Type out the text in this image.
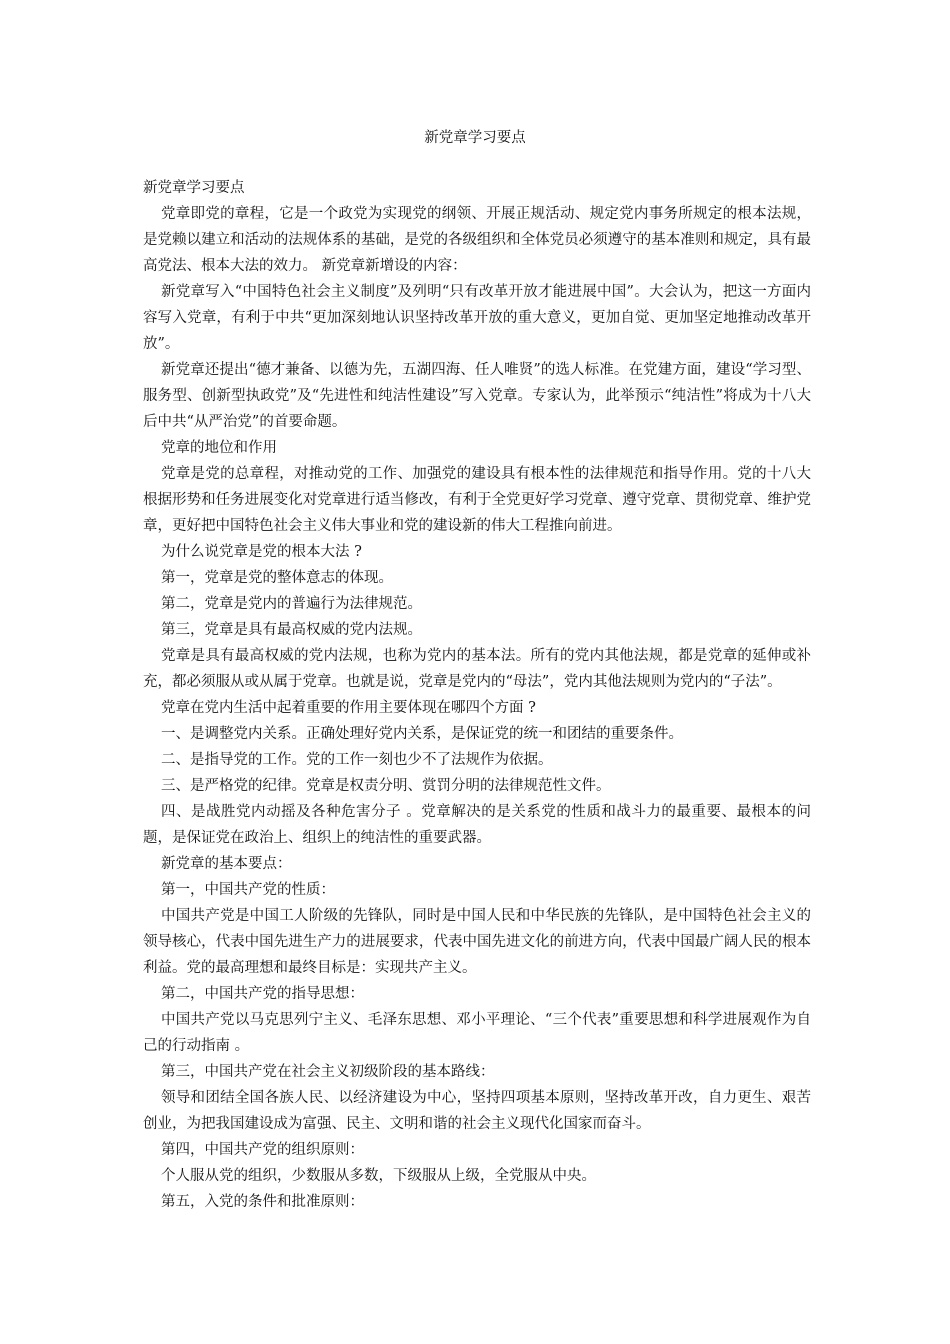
新党章学习要点

新党章学习要点

党章即党的章程，它是一个政党为实现党的纲领、开展正规活动、规定党内事务所规定的根本法规，是党赖以建立和活动的法规体系的基础，是党的各级组织和全体党员必须遵守的基本准则和规定，具有最高党法、根本大法的效力。 新党章新增设的内容：

新党章写入“中国特色社会主义制度”及列明“只有改革开放才能进展中国”。大会认为，把这一方面内容写入党章，有利于中共“更加深刻地认识坚持改革开放的重大意义，更加自觉、更加坚定地推动改革开放”。

新党章还提出“德才兼备、以德为先，五湖四海、任人唯贤”的选人标准。在党建方面，建设“学习型、服务型、创新型执政党”及“先进性和纯洁性建设”写入党章。专家认为，此举预示“纯洁性”将成为十八大后中共“从严治党”的首要命题。

党章的地位和作用

党章是党的总章程，对推动党的工作、加强党的建设具有根本性的法律规范和指导作用。党的十八大根据形势和任务进展变化对党章进行适当修改，有利于全党更好学习党章、遵守党章、贯彻党章、维护党章，更好把中国特色社会主义伟大事业和党的建设新的伟大工程推向前进。

为什么说党章是党的根本大法 ?

第一，党章是党的整体意志的体现。

第二，党章是党内的普遍行为法律规范。

第三，党章是具有最高权威的党内法规。

党章是具有最高权威的党内法规，也称为党内的基本法。所有的党内其他法规，都是党章的延伸或补充，都必须服从或从属于党章。也就是说，党章是党内的“母法”，党内其他法规则为党内的“子法”。

党章在党内生活中起着重要的作用主要体现在哪四个方面 ?

一、是调整党内关系。正确处理好党内关系，是保证党的统一和团结的重要条件。

二、是指导党的工作。党的工作一刻也少不了法规作为依据。

三、是严格党的纪律。党章是权责分明、赏罚分明的法律规范性文件。

四、是战胜党内动摇及各种危害分子 。党章解决的是关系党的性质和战斗力的最重要、最根本的问题，是保证党在政治上、组织上的纯洁性的重要武器。

新党章的基本要点：

第一，中国共产党的性质：

中国共产党是中国工人阶级的先锋队，同时是中国人民和中华民族的先锋队，是中国特色社会主义的领导核心，代表中国先进生产力的进展要求，代表中国先进文化的前进方向，代表中国最广阔人民的根本利益。党的最高理想和最终目标是：实现共产主义。

第二，中国共产党的指导思想：

中国共产党以马克思列宁主义、毛泽东思想、邓小平理论、“三个代表”重要思想和科学进展观作为自己的行动指南 。

第三，中国共产党在社会主义初级阶段的基本路线：

领导和团结全国各族人民、以经济建设为中心，坚持四项基本原则，坚持改革开改，自力更生、艰苦创业，为把我国建设成为富强、民主、文明和谐的社会主义现代化国家而奋斗。

第四，中国共产党的组织原则：

个人服从党的组织，少数服从多数，下级服从上级，全党服从中央。

第五，入党的条件和批准原则：
